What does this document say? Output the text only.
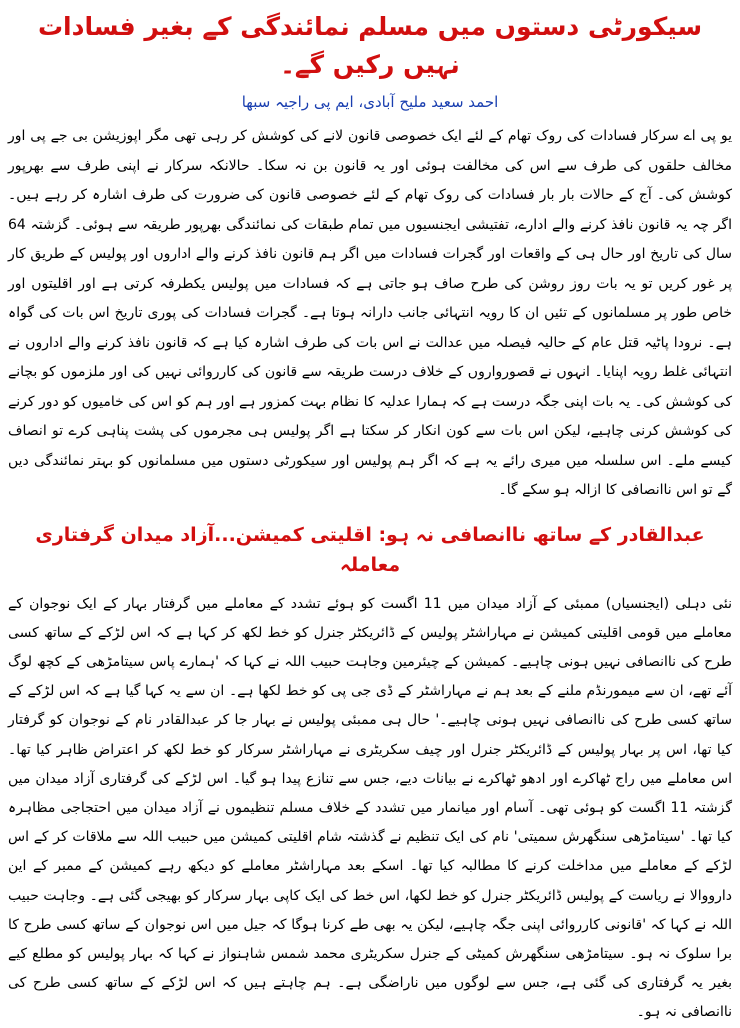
سیکورٹی دستوں میں مسلم نمائندگی کے بغیر فسادات نہیں رکیں گے۔
احمد سعید ملیح آبادی، ایم پی راجیہ سبھا

یو پی اے سرکار فسادات کی روک تھام کے لئے ایک خصوصی قانون لانے کی کوشش کر رہی تھی مگر اپوزیشن بی جے پی اور مخالف حلقوں کی طرف سے اس کی مخالفت ہوئی اور یہ قانون بن نہ سکا۔ حالانکہ سرکار نے اپنی طرف سے بھرپور کوشش کی۔ آج کے حالات بار بار فسادات کی روک تھام کے لئے خصوصی قانون کی ضرورت کی طرف اشارہ کر رہے ہیں۔ اگر چہ یہ قانون نافذ کرنے والے ادارے، تفتیشی ایجنسیوں میں تمام طبقات کی نمائندگی بھرپور طریقہ سے ہوئی۔ گزشتہ 64 سال کی تاریخ اور حال ہی کے واقعات اور گجرات فسادات میں اگر ہم قانون نافذ کرنے والے اداروں اور پولیس کے طریق کار پر غور کریں تو یہ بات روز روشن کی طرح صاف ہو جاتی ہے کہ فسادات میں پولیس یکطرفہ کرتی ہے اور اقلیتوں اور خاص طور پر مسلمانوں کے تئیں ان کا رویہ انتہائی جانب دارانہ ہوتا ہے۔ گجرات فسادات کی پوری تاریخ اس بات کی گواہ ہے۔ نرودا پاٹیہ قتل عام کے حالیہ فیصلہ میں عدالت نے اس بات کی طرف اشارہ کیا ہے کہ قانون نافذ کرنے والے اداروں نے انتہائی غلط رویہ اپنایا۔ انہوں نے قصورواروں کے خلاف درست طریقہ سے قانون کی کارروائی نہیں کی اور ملزموں کو بچانے کی کوشش کی۔ یہ بات اپنی جگہ درست ہے کہ ہمارا عدلیہ کا نظام بہت کمزور ہے اور ہم کو اس کی خامیوں کو دور کرنے کی کوشش کرنی چاہیے، لیکن اس بات سے کون انکار کر سکتا ہے اگر پولیس ہی مجرموں کی پشت پناہی کرے تو انصاف کیسے ملے۔ اس سلسلہ میں میری رائے یہ ہے کہ اگر ہم پولیس اور سیکورٹی دستوں میں مسلمانوں کو بہتر نمائندگی دیں گے تو اس ناانصافی کا ازالہ ہو سکے گا۔

عبدالقادر کے ساتھ ناانصافی نہ ہو: اقلیتی کمیشن...آزاد میدان گرفتاری معاملہ

نئی دہلی (ایجنسیاں) ممبئی کے آزاد میدان میں 11 اگست کو ہوئے تشدد کے معاملے میں گرفتار بہار کے ایک نوجوان کے معاملے میں قومی اقلیتی کمیشن نے مہاراشٹر پولیس کے ڈائریکٹر جنرل کو خط لکھ کر کہا ہے کہ اس لڑکے کے ساتھ کسی طرح کی ناانصافی نہیں ہونی چاہیے۔ کمیشن کے چیئرمین وجاہت حبیب اللہ نے کہا کہ 'ہمارے پاس سیتامڑھی کے کچھ لوگ آئے تھے، ان سے میمورنڈم ملنے کے بعد ہم نے مہاراشٹر کے ڈی جی پی کو خط لکھا ہے۔ ان سے یہ کہا گیا ہے کہ اس لڑکے کے ساتھ کسی طرح کی ناانصافی نہیں ہونی چاہیے۔' حال ہی ممبئی پولیس نے بہار جا کر عبدالقادر نام کے نوجوان کو گرفتار کیا تھا، اس پر بہار پولیس کے ڈائریکٹر جنرل اور چیف سکریٹری نے مہاراشٹر سرکار کو خط لکھ کر اعتراض ظاہر کیا تھا۔ اس معاملے میں راج ٹھاکرے اور ادھو ٹھاکرے نے بیانات دیے، جس سے تنازع پیدا ہو گیا۔ اس لڑکے کی گرفتاری آزاد میدان میں گزشتہ 11 اگست کو ہوئی تھی۔ آسام اور میانمار میں تشدد کے خلاف مسلم تنظیموں نے آزاد میدان میں احتجاجی مظاہرہ کیا تھا۔ 'سیتامڑھی سنگھرش سمیتی' نام کی ایک تنظیم نے گذشتہ شام اقلیتی کمیشن میں حبیب اللہ سے ملاقات کر کے اس لڑکے کے معاملے میں مداخلت کرنے کا مطالبہ کیا تھا۔ اسکے بعد مہاراشٹر معاملے کو دیکھ رہے کمیشن کے ممبر کے این دارووالا نے ریاست کے پولیس ڈائریکٹر جنرل کو خط لکھا، اس خط کی ایک کاپی بہار سرکار کو بھیجی گئی ہے۔ وجاہت حبیب اللہ نے کہا کہ 'قانونی کارروائی اپنی جگہ چاہیے، لیکن یہ بھی طے کرنا ہوگا کہ جیل میں اس نوجوان کے ساتھ کسی طرح کا برا سلوک نہ ہو۔ سیتامڑھی سنگھرش کمیٹی کے جنرل سکریٹری محمد شمس شاہنواز نے کہا کہ بہار پولیس کو مطلع کیے بغیر یہ گرفتاری کی گئی ہے، جس سے لوگوں میں ناراضگی ہے۔ ہم چاہتے ہیں کہ اس لڑکے کے ساتھ کسی طرح کی ناانصافی نہ ہو۔
